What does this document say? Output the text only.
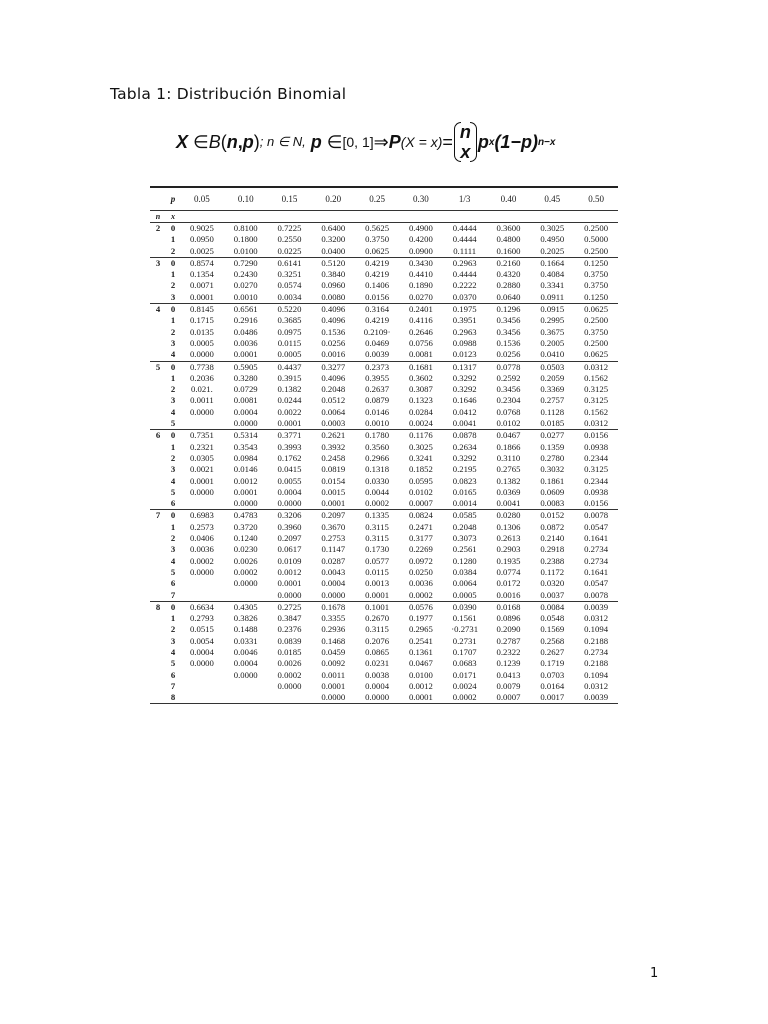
Tabla 1: Distribución Binomial
X
∈ B ( n , p ) ; n ∈ N,
p
∈ [0, 1] ⇒ P (X = x) = n
x
p x (1−p) n−x
	p	0.05	0.10	0.15	0.20	0.25	0.30	1/3	0.40	0.45	0.50
n	x										
2	0	0.9025	0.8100	0.7225	0.6400	0.5625	0.4900	0.4444	0.3600	0.3025	0.2500
	1	0.0950	0.1800	0.2550	0.3200	0.3750	0.4200	0.4444	0.4800	0.4950	0.5000
	2	0.0025	0.0100	0.0225	0.0400	0.0625	0.0900	0.1111	0.1600	0.2025	0.2500
3	0	0.8574	0.7290	0.6141	0.5120	0.4219	0.3430	0.2963	0.2160	0.1664	0.1250
	1	0.1354	0.2430	0.3251	0.3840	0.4219	0.4410	0.4444	0.4320	0.4084	0.3750
	2	0.0071	0.0270	0.0574	0.0960	0.1406	0.1890	0.2222	0.2880	0.3341	0.3750
	3	0.0001	0.0010	0.0034	0.0080	0.0156	0.0270	0.0370	0.0640	0.0911	0.1250
4	0	0.8145	0.6561	0.5220	0.4096	0.3164	0.2401	0.1975	0.1296	0.0915	0.0625
	1	0.1715	0.2916	0.3685	0.4096	0.4219	0.4116	0.3951	0.3456	0.2995	0.2500
	2	0.0135	0.0486	0.0975	0.1536	0.2109·	0.2646	0.2963	0.3456	0.3675	0.3750
	3	0.0005	0.0036	0.0115	0.0256	0.0469	0.0756	0.0988	0.1536	0.2005	0.2500
	4	0.0000	0.0001	0.0005	0.0016	0.0039	0.0081	0.0123	0.0256	0.0410	0.0625
5	0	0.7738	0.5905	0.4437	0.3277	0.2373	0.1681	0.1317	0.0778	0.0503	0.0312
	1	0.2036	0.3280	0.3915	0.4096	0.3955	0.3602	0.3292	0.2592	0.2059	0.1562
	2	0.021.	0.0729	0.1382	0.2048	0.2637	0.3087	0.3292	0.3456	0.3369	0.3125
	3	0.0011	0.0081	0.0244	0.0512	0.0879	0.1323	0.1646	0.2304	0.2757	0.3125
	4	0.0000	0.0004	0.0022	0.0064	0.0146	0.0284	0.0412	0.0768	0.1128	0.1562
	5		0.0000	0.0001	0.0003	0.0010	0.0024	0.0041	0.0102	0.0185	0.0312
6	0	0.7351	0.5314	0.3771	0.2621	0.1780	0.1176	0.0878	0.0467	0.0277	0.0156
	1	0.2321	0.3543	0.3993	0.3932	0.3560	0.3025	0.2634	0.1866	0.1359	0.0938
	2	0.0305	0.0984	0.1762	0.2458	0.2966	0.3241	0.3292	0.3110	0.2780	0.2344
	3	0.0021	0.0146	0.0415	0.0819	0.1318	0.1852	0.2195	0.2765	0.3032	0.3125
	4	0.0001	0.0012	0.0055	0.0154	0.0330	0.0595	0.0823	0.1382	0.1861	0.2344
	5	0.0000	0.0001	0.0004	0.0015	0.0044	0.0102	0.0165	0.0369	0.0609	0.0938
	6		0.0000	0.0000	0.0001	0.0002	0.0007	0.0014	0.0041	0.0083	0.0156
7	0	0.6983	0.4783	0.3206	0.2097	0.1335	0.0824	0.0585	0.0280	0.0152	0.0078
	1	0.2573	0.3720	0.3960	0.3670	0.3115	0.2471	0.2048	0.1306	0.0872	0.0547
	2	0.0406	0.1240	0.2097	0.2753	0.3115	0.3177	0.3073	0.2613	0.2140	0.1641
	3	0.0036	0.0230	0.0617	0.1147	0.1730	0.2269	0.2561	0.2903	0.2918	0.2734
	4	0.0002	0.0026	0.0109	0.0287	0.0577	0.0972	0.1280	0.1935	0.2388	0.2734
	5	0.0000	0.0002	0.0012	0.0043	0.0115	0.0250	0.0384	0.0774	0.1172	0.1641
	6		0.0000	0.0001	0.0004	0.0013	0.0036	0.0064	0.0172	0.0320	0.0547
	7			0.0000	0.0000	0.0001	0.0002	0.0005	0.0016	0.0037	0.0078
8	0	0.6634	0.4305	0.2725	0.1678	0.1001	0.0576	0.0390	0.0168	0.0084	0.0039
	1	0.2793	0.3826	0.3847	0.3355	0.2670	0.1977	0.1561	0.0896	0.0548	0.0312
	2	0.0515	0.1488	0.2376	0.2936	0.3115	0.2965	·0.2731	0.2090	0.1569	0.1094
	3	0.0054	0.0331	0.0839	0.1468	0.2076	0.2541	0.2731	0.2787	0.2568	0.2188
	4	0.0004	0.0046	0.0185	0.0459	0.0865	0.1361	0.1707	0.2322	0.2627	0.2734
	5	0.0000	0.0004	0.0026	0.0092	0.0231	0.0467	0.0683	0.1239	0.1719	0.2188
	6		0.0000	0.0002	0.0011	0.0038	0.0100	0.0171	0.0413	0.0703	0.1094
	7			0.0000	0.0001	0.0004	0.0012	0.0024	0.0079	0.0164	0.0312
	8				0.0000	0.0000	0.0001	0.0002	0.0007	0.0017	0.0039
1
